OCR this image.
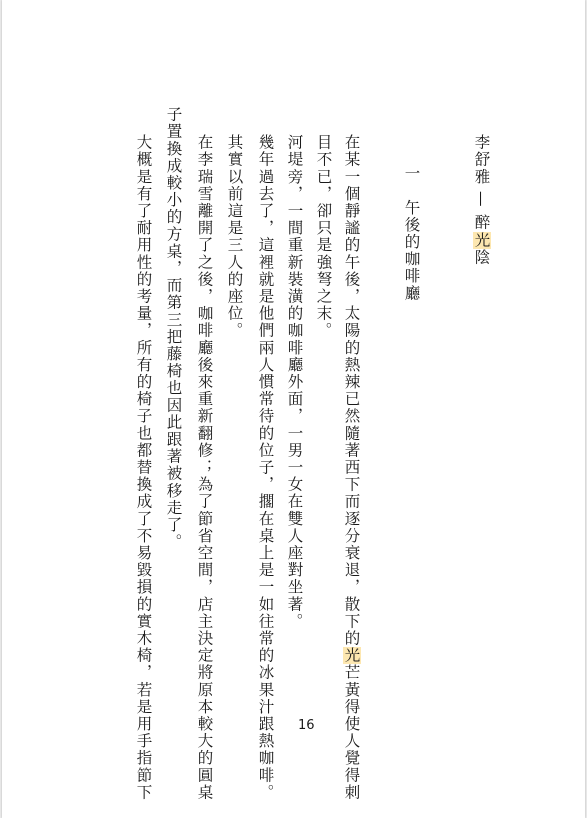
李舒雅—醉光陰
一　午後的咖啡廳
在某一個靜謐的午後，太陽的熱辣已然隨著西下而逐分衰退，散下的光芒黃得使人覺得刺
目不已，卻只是強弩之末。
河堤旁，一間重新裝潢的咖啡廳外面，一男一女在雙人座對坐著。
幾年過去了，這裡就是他們兩人慣常待的位子，擱在桌上是一如往常的冰果汁跟熱咖啡。
其實以前這是三人的座位。
在李瑞雪離開了之後，咖啡廳後來重新翻修；為了節省空間，店主決定將原本較大的圓桌
子置換成較小的方桌，而第三把藤椅也因此跟著被移走了。
大概是有了耐用性的考量，所有的椅子也都替換成了不易毀損的實木椅，若是用手指節下	16
